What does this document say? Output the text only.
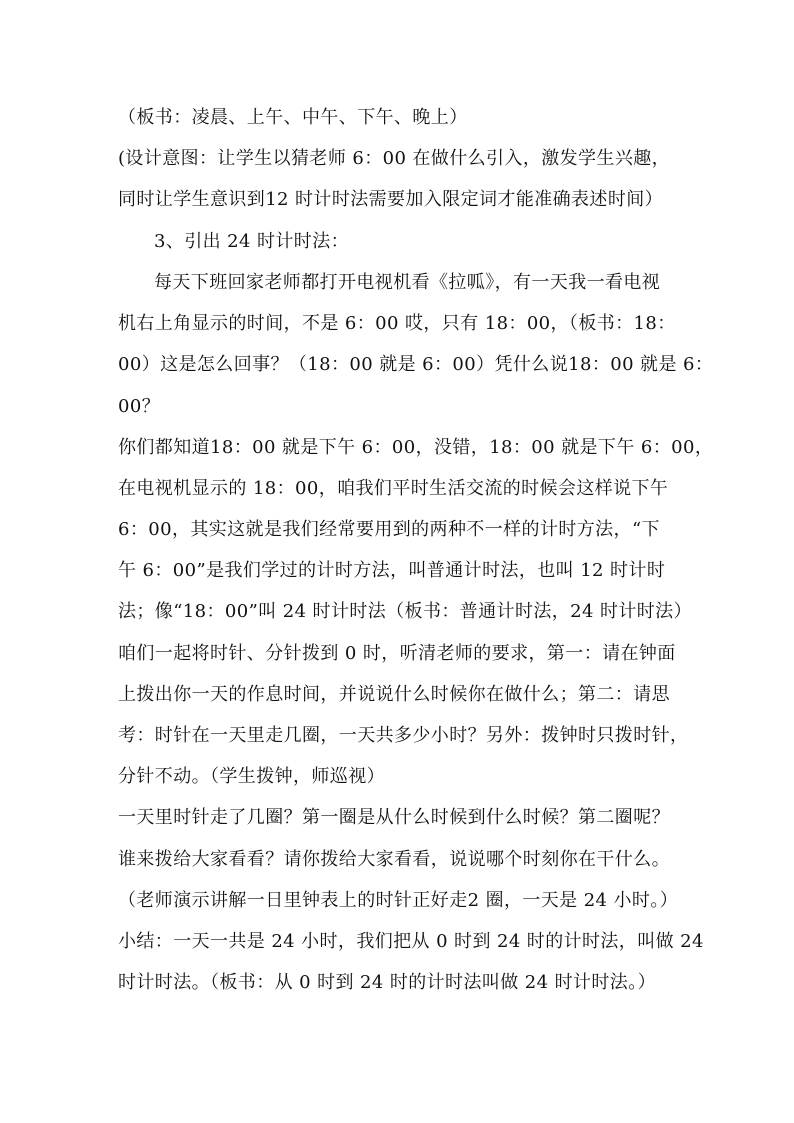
（板书：凌晨、上午、中午、下午、晚上）
(设计意图：让学生以猜老师 6：00 在做什么引入，激发学生兴趣，
同时让学生意识到12 时计时法需要加入限定词才能准确表述时间）
3、引出 24 时计时法：
每天下班回家老师都打开电视机看《拉呱》，有一天我一看电视
机右上角显示的时间，不是 6：00 哎，只有 18：00，（板书：18：
00）这是怎么回事？（18：00 就是 6：00）凭什么说18：00 就是 6：
00？
你们都知道18：00 就是下午 6：00，没错，18：00 就是下午 6：00，
在电视机显示的 18：00，咱我们平时生活交流的时候会这样说下午
6：00，其实这就是我们经常要用到的两种不一样的计时方法，“下
午 6：00”是我们学过的计时方法，叫普通计时法，也叫 12 时计时
法；像“18：00”叫 24 时计时法（板书：普通计时法，24 时计时法）
咱们一起将时针、分针拨到 0 时，听清老师的要求，第一：请在钟面
上拨出你一天的作息时间，并说说什么时候你在做什么；第二：请思
考：时针在一天里走几圈，一天共多少小时？另外：拨钟时只拨时针，
分针不动。（学生拨钟，师巡视）
一天里时针走了几圈？第一圈是从什么时候到什么时候？第二圈呢？
谁来拨给大家看看？请你拨给大家看看，说说哪个时刻你在干什么。
（老师演示讲解一日里钟表上的时针正好走2 圈，一天是 24 小时。）
小结：一天一共是 24 小时，我们把从 0 时到 24 时的计时法，叫做 24
时计时法。（板书：从 0 时到 24 时的计时法叫做 24 时计时法。）
